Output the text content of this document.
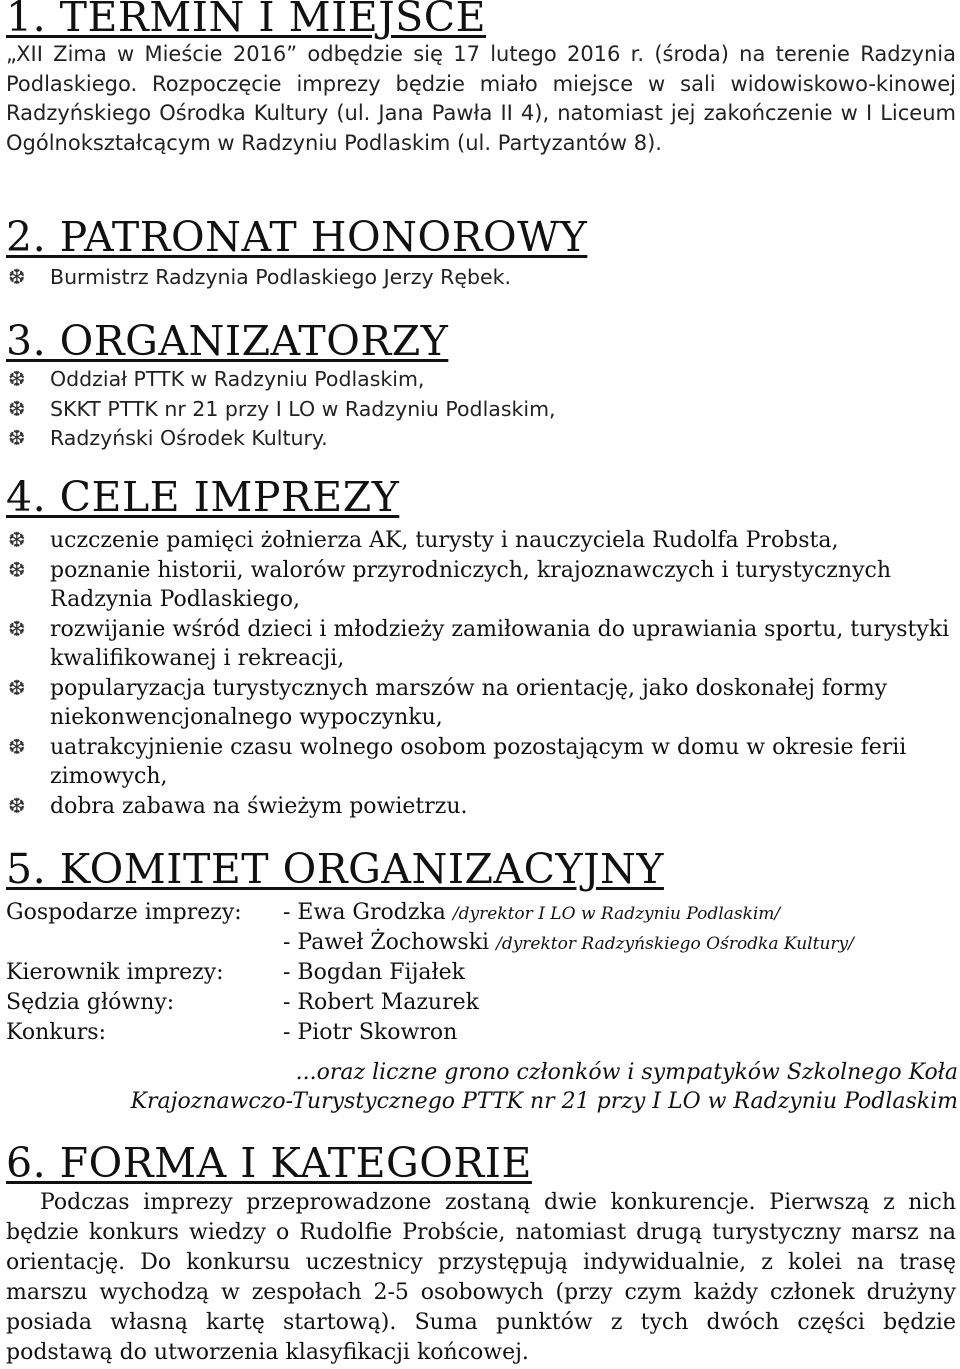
1. TERMIN I MIEJSCE

„XII Zima w Mieście 2016” odbędzie się 17 lutego 2016 r. (środa) na terenie Radzynia Podlaskiego. Rozpoczęcie imprezy będzie miało miejsce w sali widowiskowo-kinowej Radzyńskiego Ośrodka Kultury (ul. Jana Pawła II 4), natomiast jej zakończenie w I Liceum Ogólnokształcącym w Radzyniu Podlaskim (ul. Partyzantów 8).

2. PATRONAT HONOROWY
❆ Burmistrz Radzynia Podlaskiego Jerzy Rębek.
3. ORGANIZATORZY
❆ Oddział PTTK w Radzyniu Podlaskim,
❆ SKKT PTTK nr 21 przy I LO w Radzyniu Podlaskim,
❆ Radzyński Ośrodek Kultury.
4. CELE IMPREZY
❆ uczczenie pamięci żołnierza AK, turysty i nauczyciela Rudolfa Probsta,
❆ poznanie historii, walorów przyrodniczych, krajoznawczych i turystycznych Radzynia Podlaskiego,
❆ rozwijanie wśród dzieci i młodzieży zamiłowania do uprawiania sportu, turystyki kwalifikowanej i rekreacji,
❆ popularyzacja turystycznych marszów na orientację, jako doskonałej formy niekonwencjonalnego wypoczynku,
❆ uatrakcyjnienie czasu wolnego osobom pozostającym w domu w okresie ferii zimowych,
❆ dobra zabawa na świeżym powietrzu.
5. KOMITET ORGANIZACYJNY
Gospodarze imprezy:	- Ewa Grodzka /dyrektor I LO w Radzyniu Podlaskim/
- Paweł Żochowski /dyrektor Radzyńskiego Ośrodka Kultury/
Kierownik imprezy:	- Bogdan Fijałek
Sędzia główny:	- Robert Mazurek
Konkurs:	- Piotr Skowron
...oraz liczne grono członków i sympatyków Szkolnego Koła
Krajoznawczo-Turystycznego PTTK nr 21 przy I LO w Radzyniu Podlaskim
6. FORMA I KATEGORIE

Podczas imprezy przeprowadzone zostaną dwie konkurencje. Pierwszą z nich będzie konkurs wiedzy o Rudolfie Probście, natomiast drugą turystyczny marsz na orientację. Do konkursu uczestnicy przystępują indywidualnie, z kolei na trasę marszu wychodzą w zespołach 2-5 osobowych (przy czym każdy członek drużyny posiada własną kartę startową). Suma punktów z tych dwóch części będzie podstawą do utworzenia klasyfikacji końcowej.
